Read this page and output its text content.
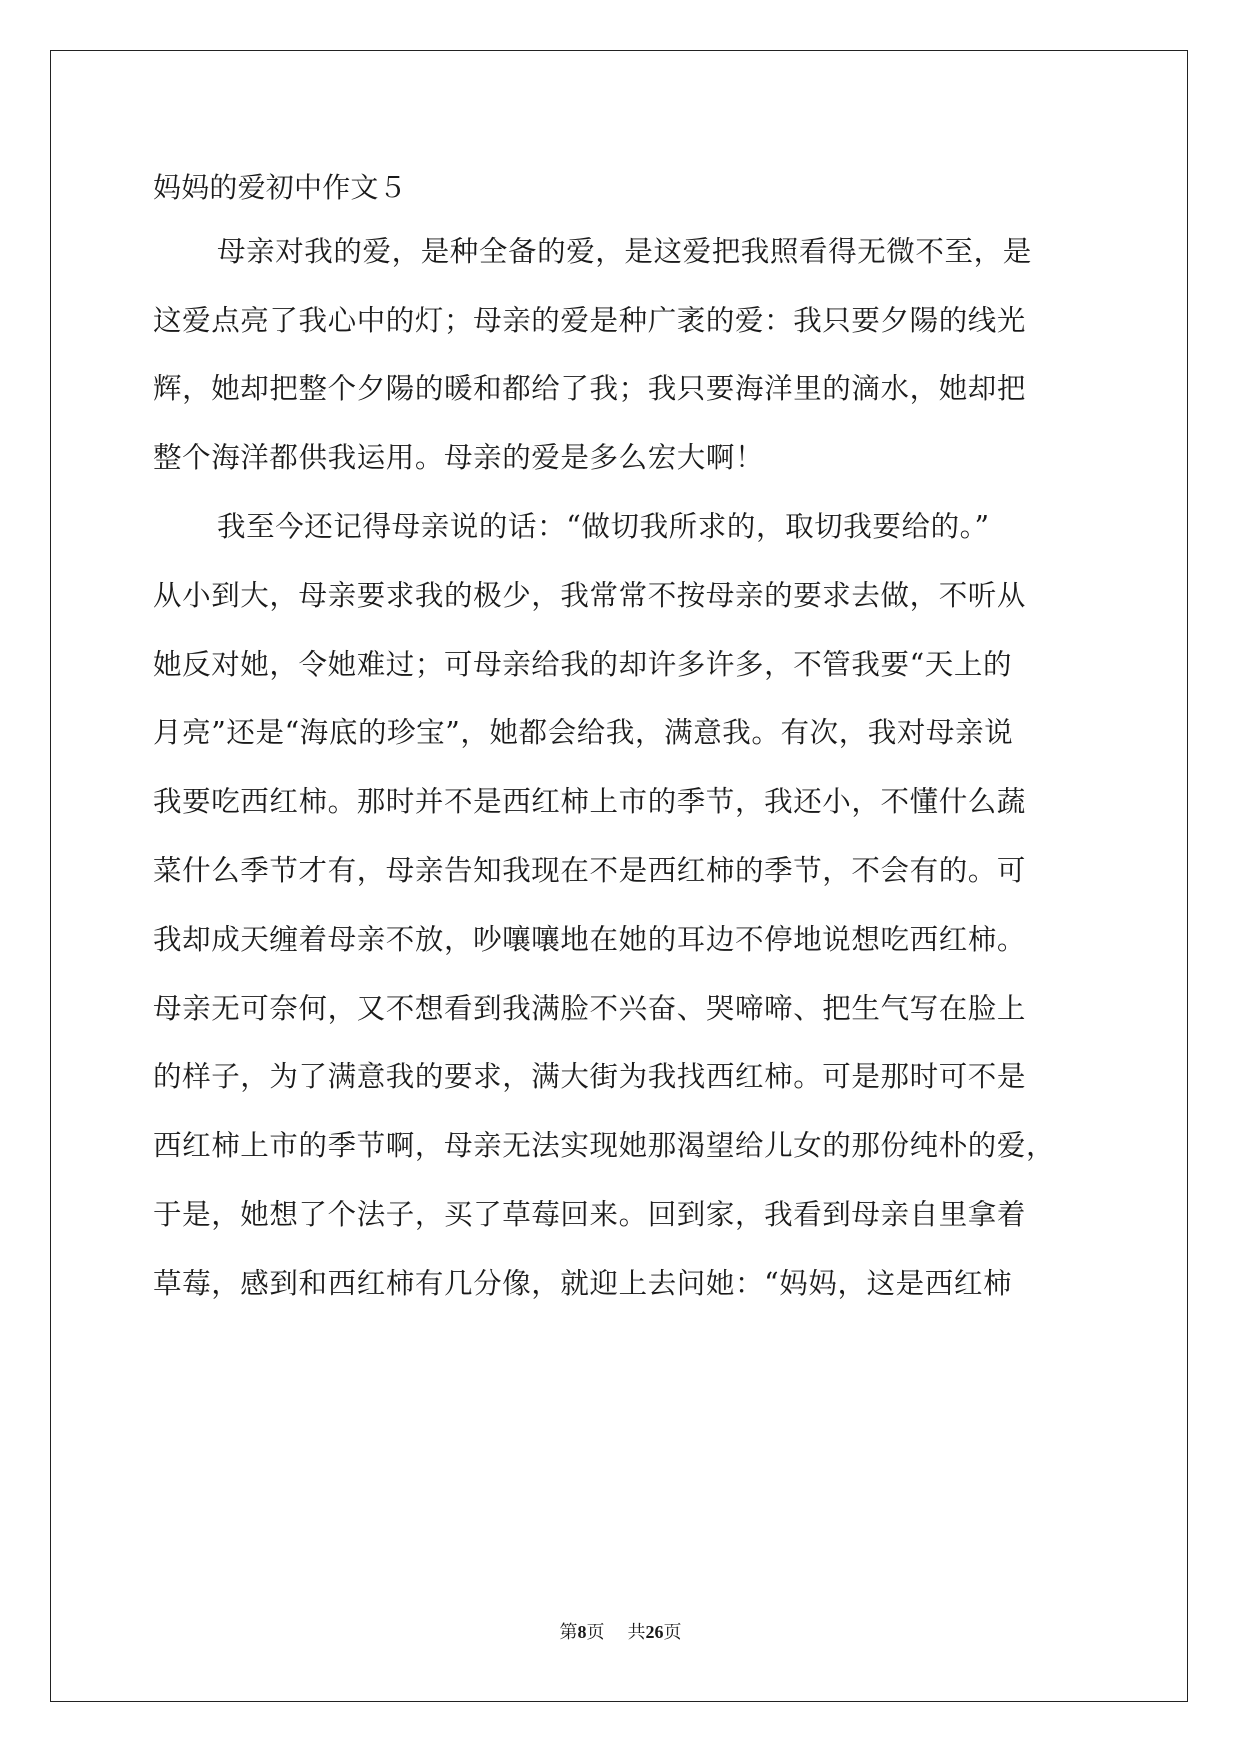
妈妈的爱初中作文５
母亲对我的爱，是种全备的爱，是这爱把我照看得无微不至，是
这爱点亮了我心中的灯；母亲的爱是种广袤的爱：我只要夕陽的线光
辉，她却把整个夕陽的暖和都给了我；我只要海洋里的滴水，她却把
整个海洋都供我运用。母亲的爱是多么宏大啊！
我至今还记得母亲说的话：“做切我所求的，取切我要给的。”
从小到大，母亲要求我的极少，我常常不按母亲的要求去做，不听从
她反对她，令她难过；可母亲给我的却许多许多，不管我要“天上的
月亮”还是“海底的珍宝”，她都会给我，满意我。有次，我对母亲说
我要吃西红柿。那时并不是西红柿上市的季节，我还小，不懂什么蔬
菜什么季节才有，母亲告知我现在不是西红柿的季节，不会有的。可
我却成天缠着母亲不放，吵嚷嚷地在她的耳边不停地说想吃西红柿。
母亲无可奈何，又不想看到我满脸不兴奋、哭啼啼、把生气写在脸上
的样子，为了满意我的要求，满大街为我找西红柿。可是那时可不是
西红柿上市的季节啊，母亲无法实现她那渴望给儿女的那份纯朴的爱，
于是，她想了个法子，买了草莓回来。回到家，我看到母亲自里拿着
草莓，感到和西红柿有几分像，就迎上去问她：“妈妈，这是西红柿
第8页 共26页
